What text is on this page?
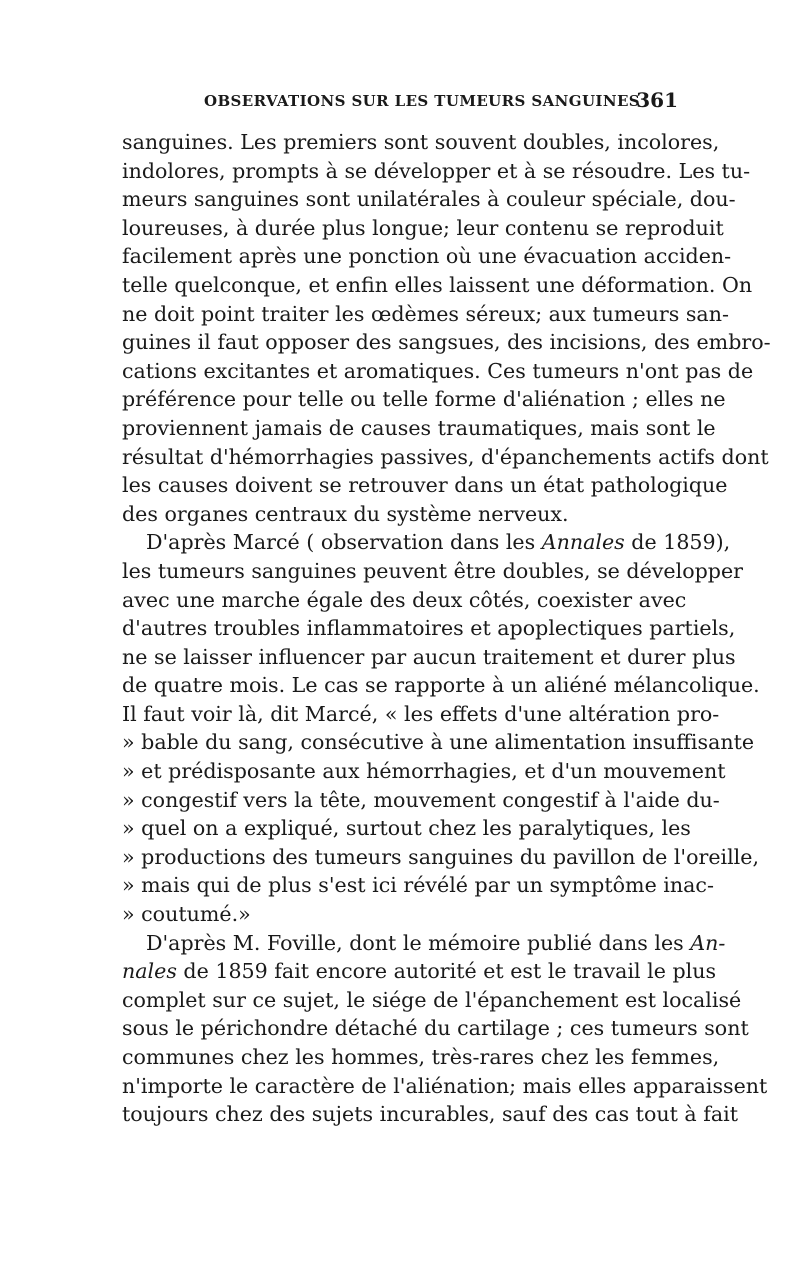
OBSERVATIONS SUR LES TUMEURS SANGUINES
361
sanguines. Les premiers sont souvent doubles, incolores,
indolores, prompts à se développer et à se résoudre. Les tu-
meurs sanguines sont unilatérales à couleur spéciale, dou-
loureuses, à durée plus longue; leur contenu se reproduit
facilement après une ponction où une évacuation acciden-
telle quelconque, et enfin elles laissent une déformation. On
ne doit point traiter les œdèmes séreux; aux tumeurs san-
guines il faut opposer des sangsues, des incisions, des embro-
cations excitantes et aromatiques. Ces tumeurs n'ont pas de
préférence pour telle ou telle forme d'aliénation ; elles ne
proviennent jamais de causes traumatiques, mais sont le
résultat d'hémorrhagies passives, d'épanchements actifs dont
les causes doivent se retrouver dans un état pathologique
des organes centraux du système nerveux.
D'après Marcé ( observation dans les Annales de 1859),
les tumeurs sanguines peuvent être doubles, se développer
avec une marche égale des deux côtés, coexister avec
d'autres troubles inflammatoires et apoplectiques partiels,
ne se laisser influencer par aucun traitement et durer plus
de quatre mois. Le cas se rapporte à un aliéné mélancolique.
Il faut voir là, dit Marcé, « les effets d'une altération pro-
» bable du sang, consécutive à une alimentation insuffisante
» et prédisposante aux hémorrhagies, et d'un mouvement
» congestif vers la tête, mouvement congestif à l'aide du-
» quel on a expliqué, surtout chez les paralytiques, les
» productions des tumeurs sanguines du pavillon de l'oreille,
» mais qui de plus s'est ici révélé par un symptôme inac-
» coutumé.»
D'après M. Foville, dont le mémoire publié dans les An-
nales de 1859 fait encore autorité et est le travail le plus
complet sur ce sujet, le siége de l'épanchement est localisé
sous le périchondre détaché du cartilage ; ces tumeurs sont
communes chez les hommes, très-rares chez les femmes,
n'importe le caractère de l'aliénation; mais elles apparaissent
toujours chez des sujets incurables, sauf des cas tout à fait
